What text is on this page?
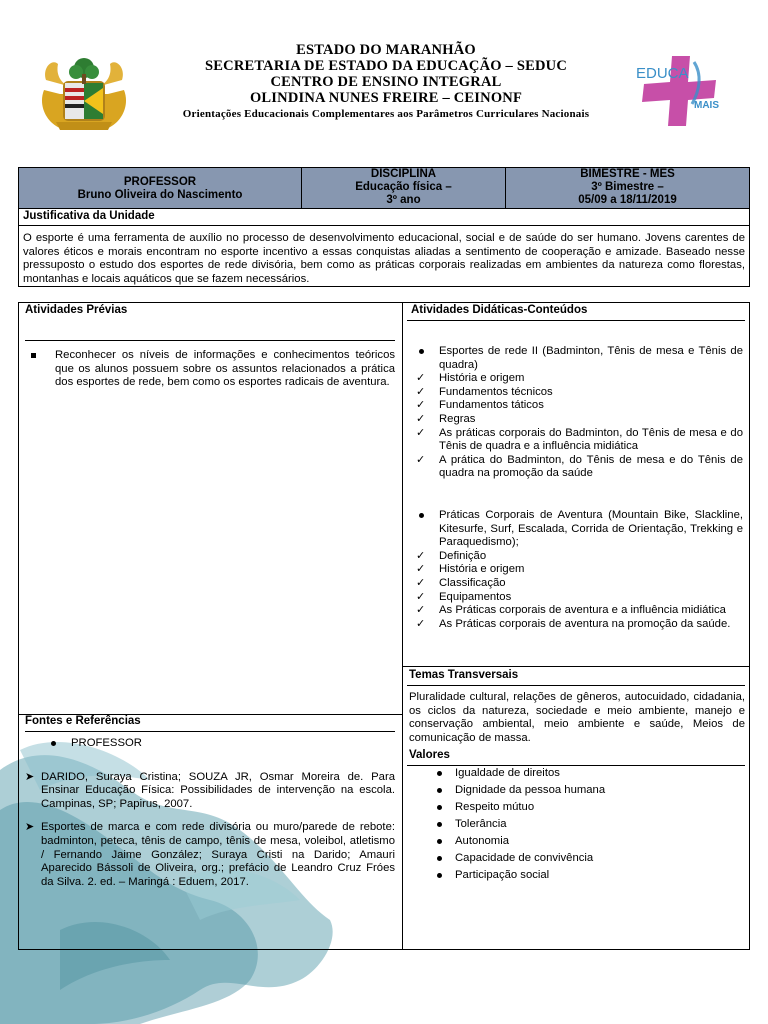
ESTADO DO MARANHÃO
SECRETARIA DE ESTADO DA EDUCAÇÃO – SEDUC
CENTRO DE ENSINO INTEGRAL
OLINDINA NUNES FREIRE – CEINONF
Orientações Educacionais Complementares aos Parâmetros Curriculares Nacionais
EDUCA
MAIS
PROFESSOR
Bruno Oliveira do Nascimento
DISCIPLINA
Educação física –
3º ano
BIMESTRE - MES
3º Bimestre –
05/09 a 18/11/2019
Justificativa da Unidade
O esporte é uma ferramenta de auxílio no processo de desenvolvimento educacional, social e de saúde do ser humano. Jovens carentes de valores éticos e morais encontram no esporte incentivo a essas conquistas aliadas a sentimento de cooperação e amizade. Baseado nesse pressuposto o estudo dos esportes de rede divisória, bem como as práticas corporais realizadas em ambientes da natureza como florestas, montanhas e locais aquáticos que se fazem necessários.
Atividades Prévias
Reconhecer os níveis de informações e conhecimentos teóricos que os alunos possuem sobre os assuntos relacionados a prática dos esportes de rede, bem como os esportes radicais de aventura.
Fontes e Referências
PROFESSOR
➤ DARIDO, Suraya Cristina; SOUZA JR, Osmar Moreira de. Para Ensinar Educação Física: Possibilidades de intervenção na escola. Campinas, SP; Papirus, 2007.
➤ Esportes de marca e com rede divisória ou muro/parede de rebote: badminton, peteca, tênis de campo, tênis de mesa, voleibol, atletismo / Fernando Jaime González; Suraya Cristi na Darido; Amauri Aparecido Bássoli de Oliveira, org.; prefácio de Leandro Cruz Fróes da Silva. 2. ed. – Maringá : Eduem, 2017.
Atividades Didáticas-Conteúdos
Esportes de rede II (Badminton, Tênis de mesa e Tênis de quadra)
✓ História e origem
✓ Fundamentos técnicos
✓ Fundamentos táticos
✓ Regras
✓ As práticas corporais do Badminton, do Tênis de mesa e do Tênis de quadra e a influência midiática
✓ A prática do Badminton, do Tênis de mesa e do Tênis de quadra na promoção da saúde
Práticas Corporais de Aventura (Mountain Bike, Slackline, Kitesurfe, Surf, Escalada, Corrida de Orientação, Trekking e Paraquedismo);
✓ Definição
✓ História e origem
✓ Classificação
✓ Equipamentos
✓ As Práticas corporais de aventura e a influência midiática
✓ As Práticas corporais de aventura na promoção da saúde.
Temas Transversais
Pluralidade cultural, relações de gêneros, autocuidado, cidadania, os ciclos da natureza, sociedade e meio ambiente, manejo e conservação ambiental, meio ambiente e saúde, Meios de comunicação de massa.
Valores
Igualdade de direitos
Dignidade da pessoa humana
Respeito mútuo
Tolerância
Autonomia
Capacidade de convivência
Participação social
